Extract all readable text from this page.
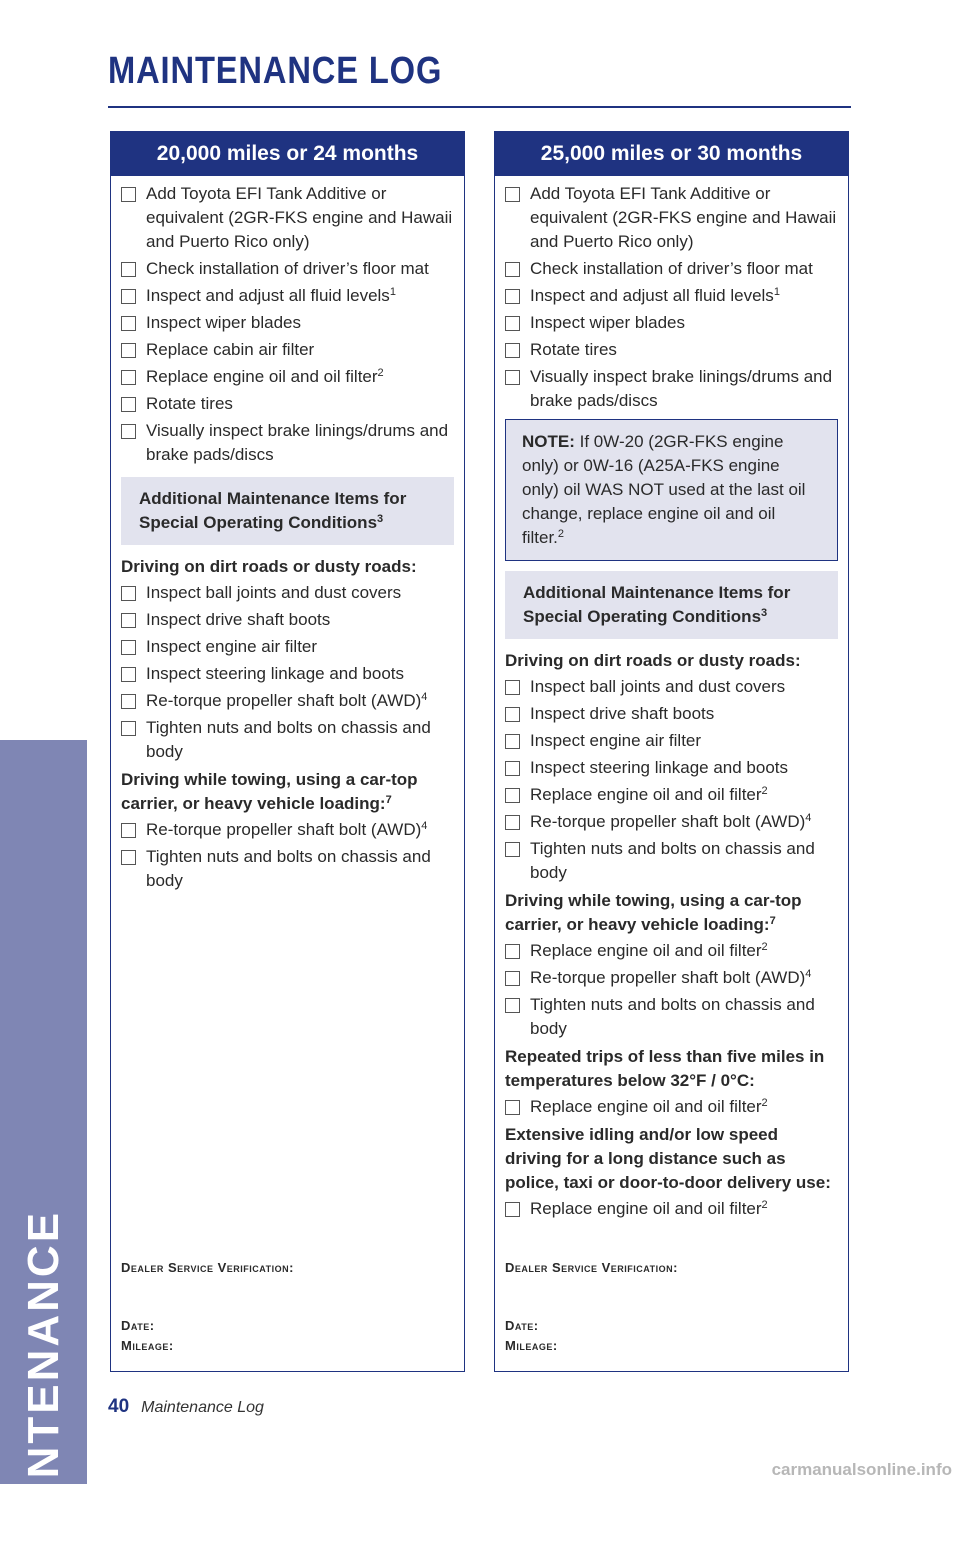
MAINTENANCE
MAINTENANCE LOG
20,000 miles or 24 months
Add Toyota EFI Tank Additive or equivalent (2GR-FKS engine and Hawaii and Puerto Rico only)
Check installation of driver’s floor mat
Inspect and adjust all fluid levels$^1$
Inspect wiper blades
Replace cabin air filter
Replace engine oil and oil filter$^2$
Rotate tires
Visually inspect brake linings/drums and brake pads/discs
Additional Maintenance Items for Special Operating Conditions$^3$
Driving on dirt roads or dusty roads:
Inspect ball joints and dust covers
Inspect drive shaft boots
Inspect engine air filter
Inspect steering linkage and boots
Re-torque propeller shaft bolt (AWD)$^4$
Tighten nuts and bolts on chassis and body
Driving while towing, using a car-top carrier, or heavy vehicle loading:$^7$
Re-torque propeller shaft bolt (AWD)$^4$
Tighten nuts and bolts on chassis and body
Dealer Service Verification:
Date:
Mileage:
25,000 miles or 30 months
Add Toyota EFI Tank Additive or equivalent (2GR-FKS engine and Hawaii and Puerto Rico only)
Check installation of driver’s floor mat
Inspect and adjust all fluid levels$^1$
Inspect wiper blades
Rotate tires
Visually inspect brake linings/drums and brake pads/discs
NOTE: If 0W-20 (2GR-FKS engine only) or 0W-16 (A25A-FKS engine only) oil WAS NOT used at the last oil change, replace engine oil and oil filter.$^2$
Additional Maintenance Items for Special Operating Conditions$^3$
Driving on dirt roads or dusty roads:
Inspect ball joints and dust covers
Inspect drive shaft boots
Inspect engine air filter
Inspect steering linkage and boots
Replace engine oil and oil filter$^2$
Re-torque propeller shaft bolt (AWD)$^4$
Tighten nuts and bolts on chassis and body
Driving while towing, using a car-top carrier, or heavy vehicle loading:$^7$
Replace engine oil and oil filter$^2$
Re-torque propeller shaft bolt (AWD)$^4$
Tighten nuts and bolts on chassis and body
Repeated trips of less than five miles in temperatures below 32°F / 0°C:
Replace engine oil and oil filter$^2$
Extensive idling and/or low speed driving for a long distance such as police, taxi or door-to-door delivery use:
Replace engine oil and oil filter$^2$
Dealer Service Verification:
Date:
Mileage:
40 Maintenance Log
carmanualsonline.info
